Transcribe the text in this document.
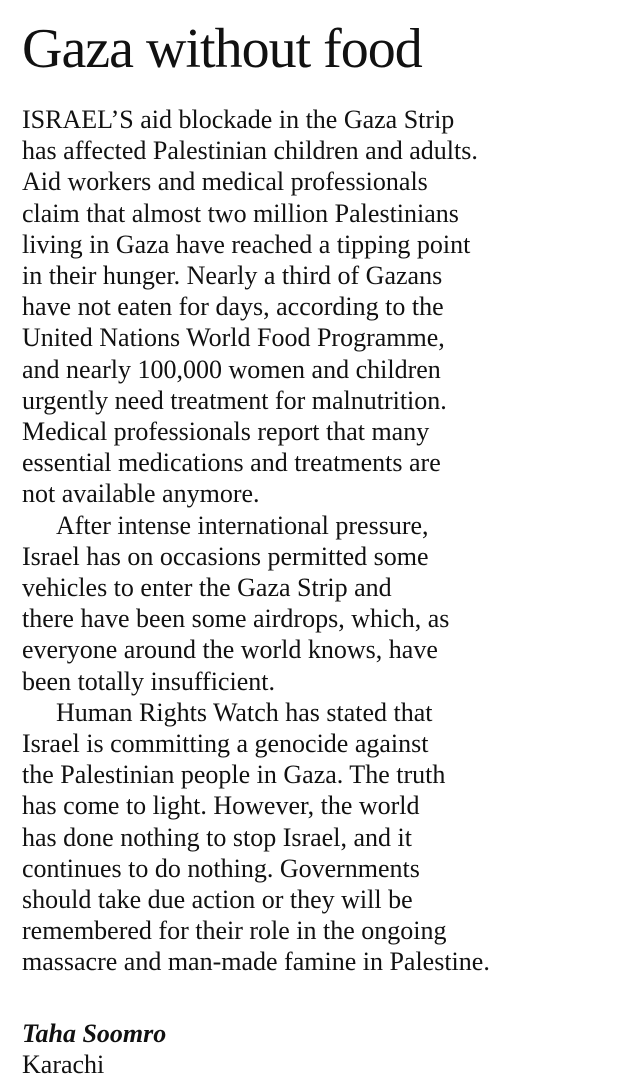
Gaza without food

ISRAEL’S aid blockade in the Gaza Strip
has affected Palestinian children and adults.
Aid workers and medical professionals
claim that almost two million Palestinians
living in Gaza have reached a tipping point
in their hunger. Nearly a third of Gazans
have not eaten for days, according to the
United Nations World Food Programme,
and nearly 100,000 women and children
urgently need treatment for malnutrition.
Medical professionals report that many
essential medications and treatments are
not available anymore.

After intense international pressure,
Israel has on occasions permitted some
vehicles to enter the Gaza Strip and
there have been some airdrops, which, as
everyone around the world knows, have
been totally insufficient.

Human Rights Watch has stated that
Israel is committing a genocide against
the Palestinian people in Gaza. The truth
has come to light. However, the world
has done nothing to stop Israel, and it
continues to do nothing. Governments
should take due action or they will be
remembered for their role in the ongoing
massacre and man-made famine in Palestine.

Taha Soomro
Karachi
